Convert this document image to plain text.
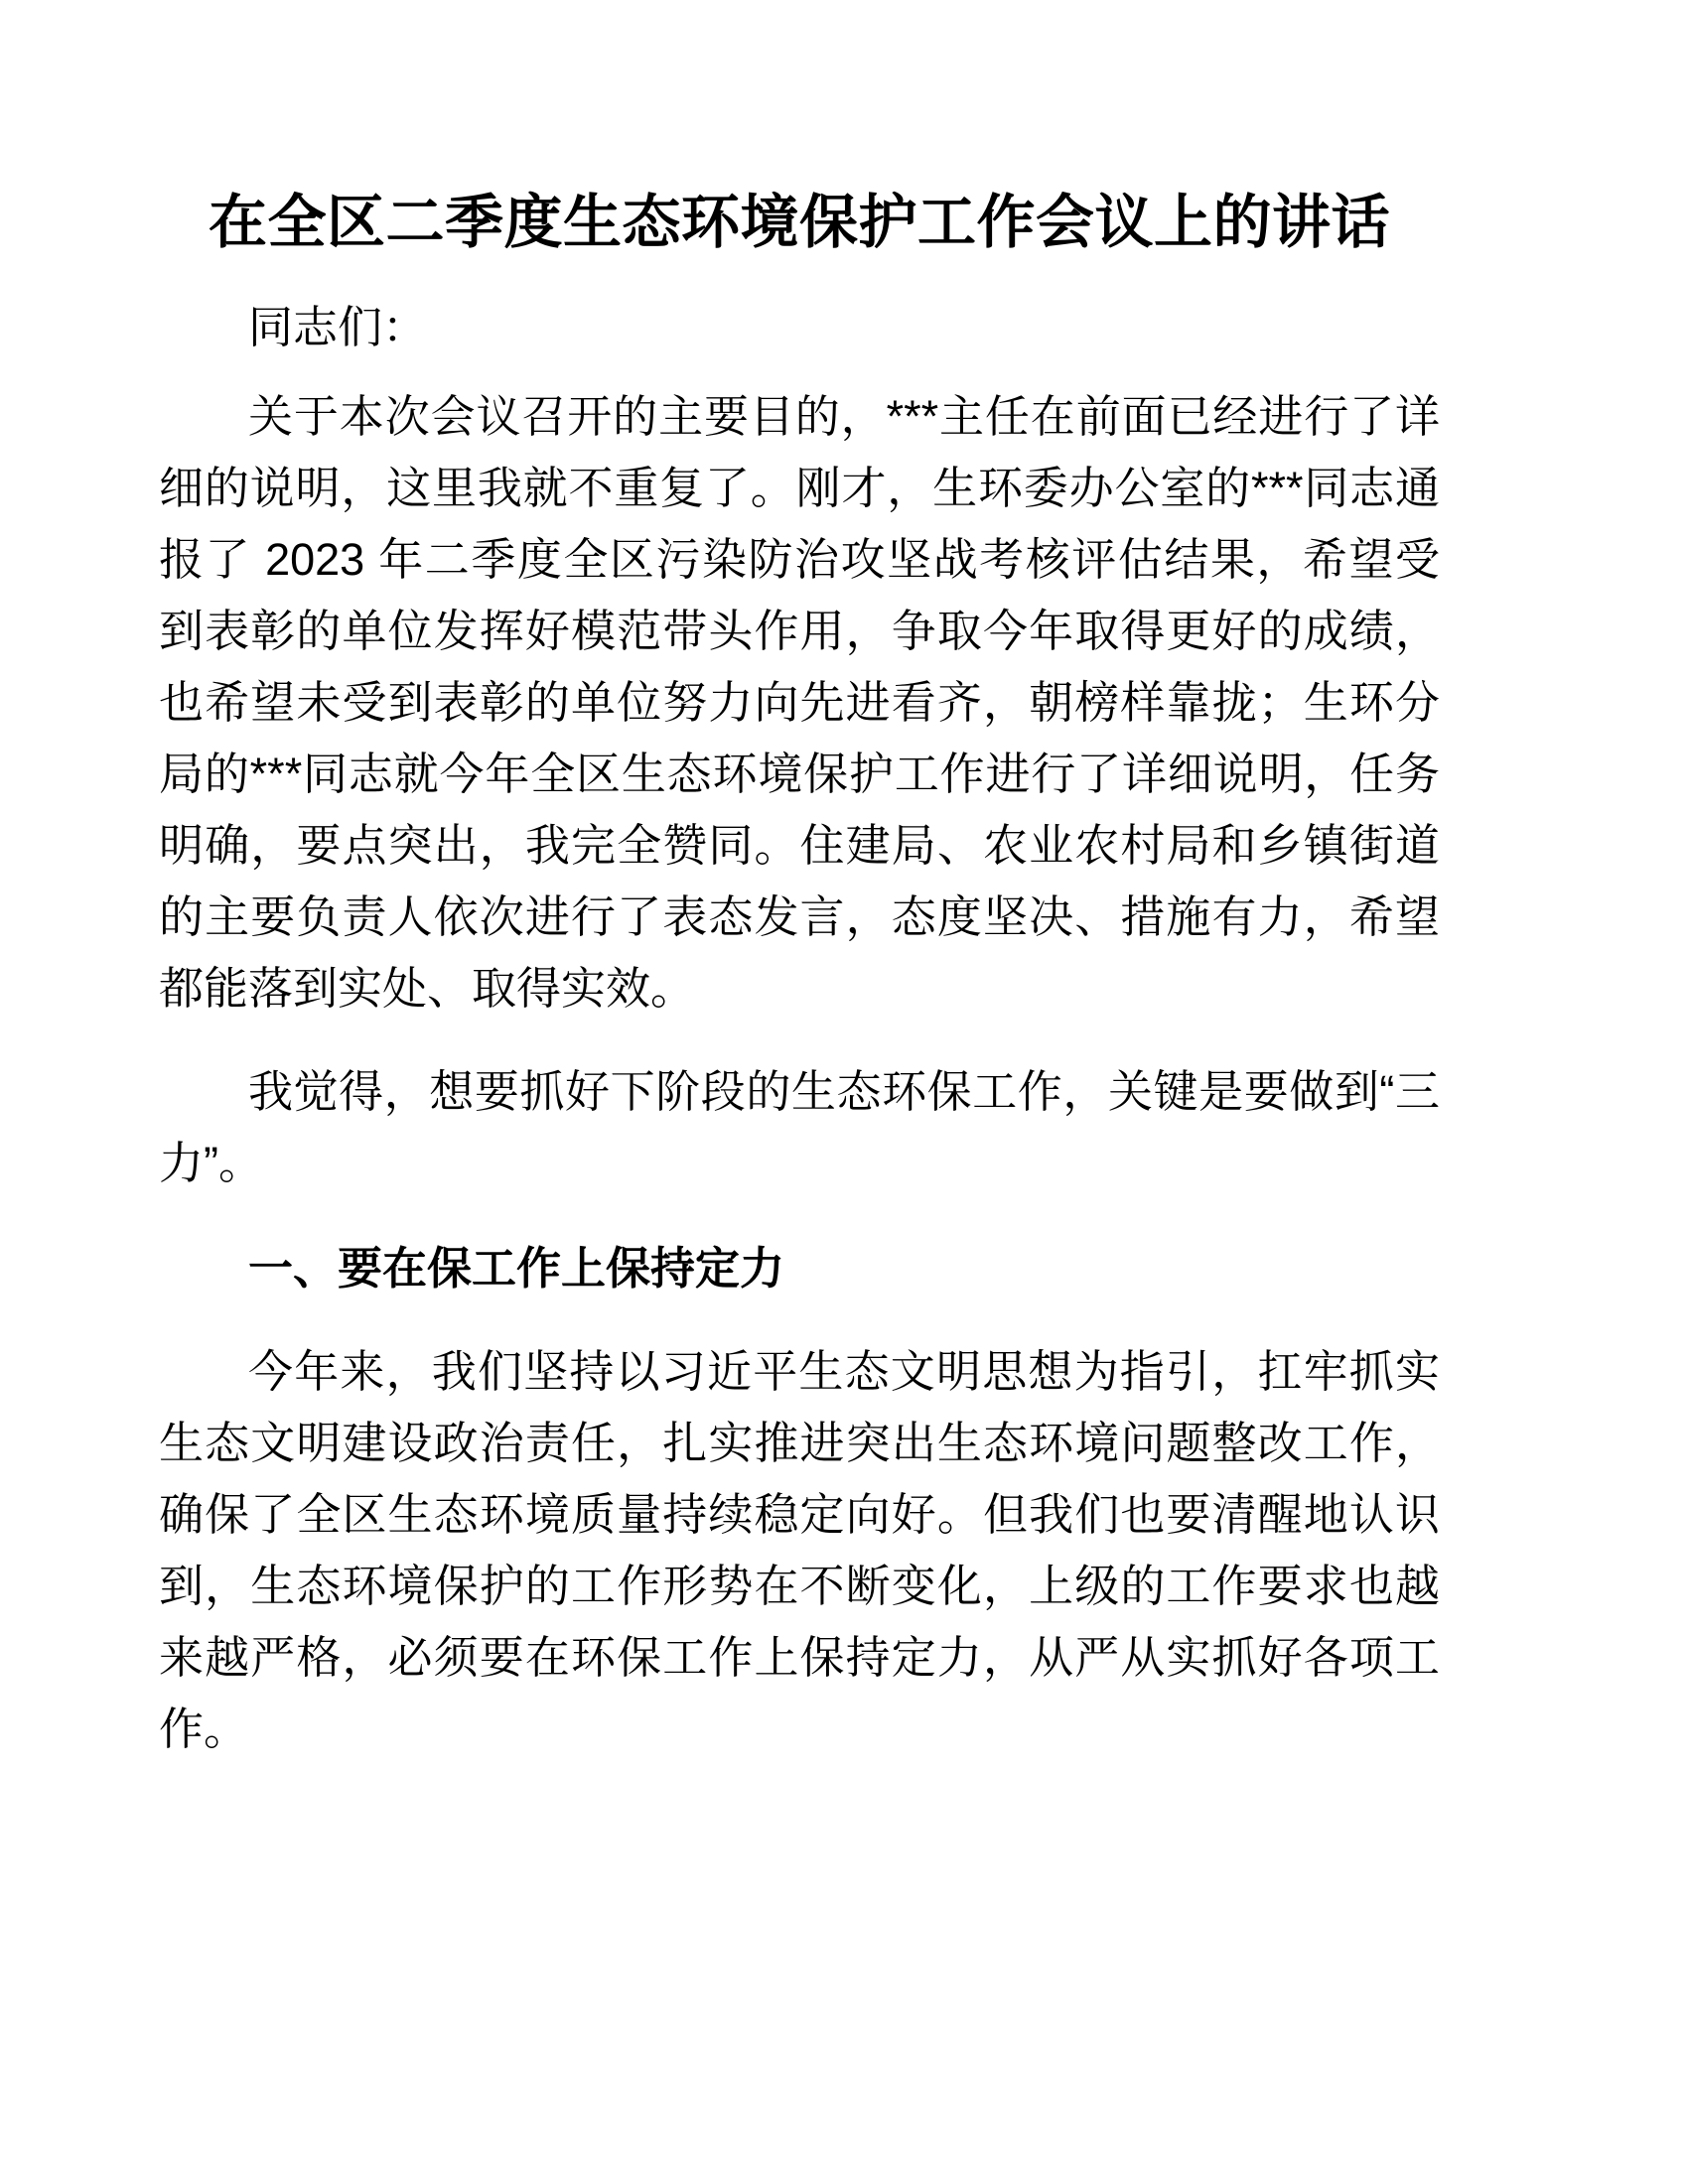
在全区二季度生态环境保护工作会议上的讲话

同志们：

关于本次会议召开的主要目的，***主任在前面已经进行了详细的说明，这里我就不重复了。刚才，生环委办公室的***同志通报了 2023 年二季度全区污染防治攻坚战考核评估结果，希望受到表彰的单位发挥好模范带头作用，争取今年取得更好的成绩，也希望未受到表彰的单位努力向先进看齐，朝榜样靠拢；生环分局的***同志就今年全区生态环境保护工作进行了详细说明，任务明确，要点突出，我完全赞同。住建局、农业农村局和乡镇街道的主要负责人依次进行了表态发言，态度坚决、措施有力，希望都能落到实处、取得实效。

我觉得，想要抓好下阶段的生态环保工作，关键是要做到“三力”。

一、要在保工作上保持定力

今年来，我们坚持以习近平生态文明思想为指引，扛牢抓实生态文明建设政治责任，扎实推进突出生态环境问题整改工作，确保了全区生态环境质量持续稳定向好。但我们也要清醒地认识到，生态环境保护的工作形势在不断变化，上级的工作要求也越来越严格，必须要在环保工作上保持定力，从严从实抓好各项工作。
